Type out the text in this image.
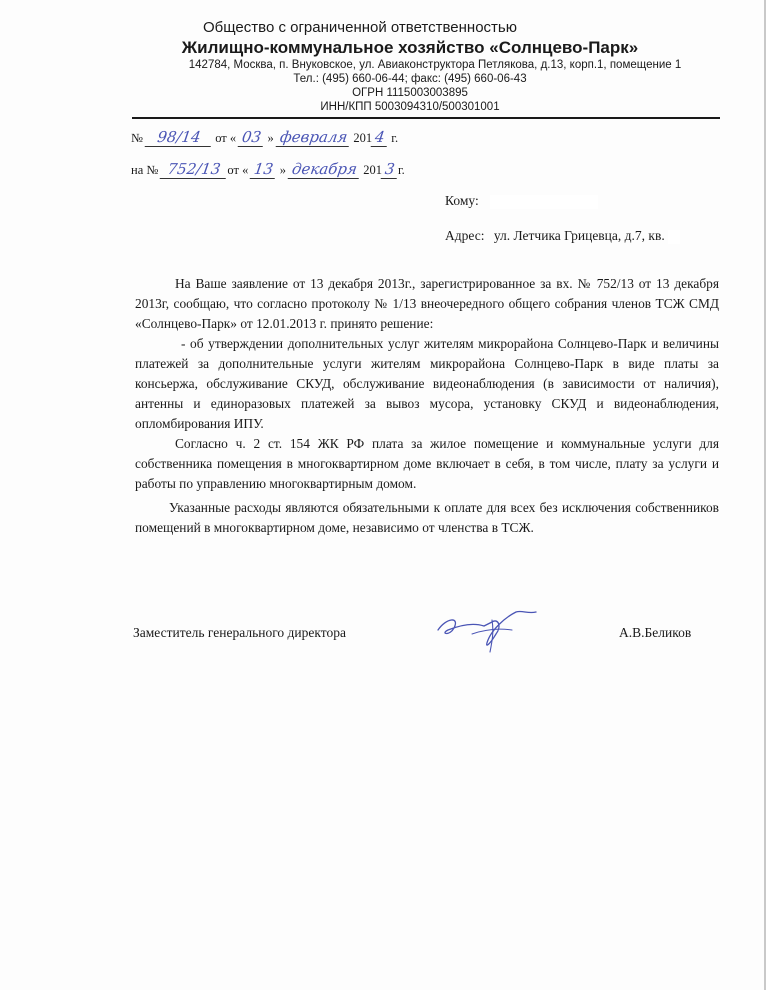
Общество с ограниченной ответственностью
Жилищно-коммунальное хозяйство «Солнцево-Парк»
142784, Москва, п. Внуковское, ул. Авиаконструктора Петлякова, д.13, корп.1, помещение 1
Тел.: (495) 660-06-44; факс: (495) 660-06-43
ОГРН 1115003003895
ИНН/КПП 5003094310/500301001
№ 98/14 от « 03 » февраля 201 4 г.
на № 752/13 от « 13 » декабря 201 3 г.
Кому:
Адрес: ул. Летчика Грицевца, д.7, кв.

На Ваше заявление от 13 декабря 2013г., зарегистрированное за вх. № 752/13 от 13 декабря 2013г, сообщаю, что согласно протоколу № 1/13 внеочередного общего собрания членов ТСЖ СМД «Солнцево-Парк» от 12.01.2013 г. принято решение:

- об утверждении дополнительных услуг жителям микрорайона Солнцево-Парк и величины платежей за дополнительные услуги жителям микрорайона Солнцево-Парк в виде платы за консьержа, обслуживание СКУД, обслуживание видеонаблюдения (в зависимости от наличия), антенны и единоразовых платежей за вывоз мусора, установку СКУД и видеонаблюдения, опломбирования ИПУ.

Согласно ч. 2 ст. 154 ЖК РФ плата за жилое помещение и коммунальные услуги для собственника помещения в многоквартирном доме включает в себя, в том числе, плату за услуги и работы по управлению многоквартирным домом.

Указанные расходы являются обязательными к оплате для всех без исключения собственников помещений в многоквартирном доме, независимо от членства в ТСЖ.

Заместитель генерального директора	А.В.Беликов
